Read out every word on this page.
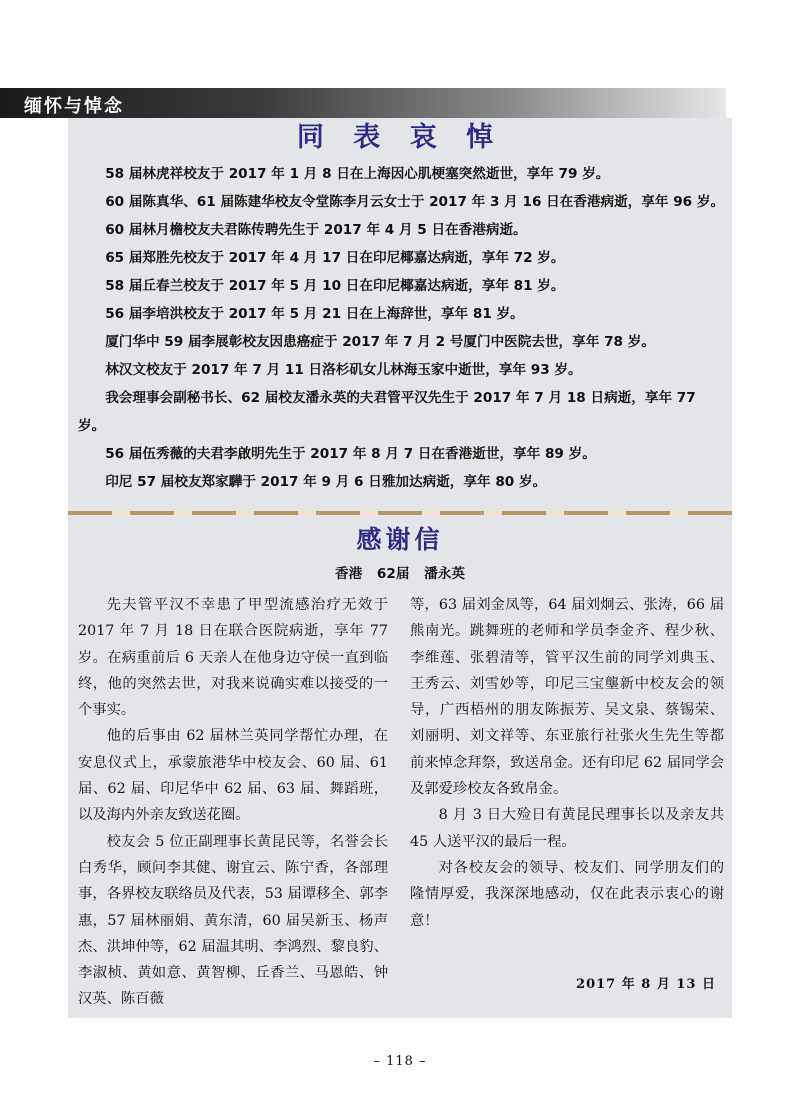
缅怀与悼念
同 表 哀 悼

58 届林虎祥校友于 2017 年 1 月 8 日在上海因心肌梗塞突然逝世，享年 79 岁。

60 届陈真华、61 届陈建华校友令堂陈李月云女士于 2017 年 3 月 16 日在香港病逝，享年 96 岁。

60 届林月檐校友夫君陈传聘先生于 2017 年 4 月 5 日在香港病逝。

65 届郑胜先校友于 2017 年 4 月 17 日在印尼椰嘉达病逝，享年 72 岁。

58 届丘春兰校友于 2017 年 5 月 10 日在印尼椰嘉达病逝，享年 81 岁。

56 届李培洪校友于 2017 年 5 月 21 日在上海辞世，享年 81 岁。

厦门华中 59 届李展彰校友因患癌症于 2017 年 7 月 2 号厦门中医院去世，享年 78 岁。

林汉文校友于 2017 年 7 月 11 日洛杉矶女儿林海玉家中逝世，享年 93 岁。

我会理事会副秘书长、62 届校友潘永英的夫君管平汉先生于 2017 年 7 月 18 日病逝，享年 77 岁。

56 届伍秀薇的夫君李啟明先生于 2017 年 8 月 7 日在香港逝世，享年 89 岁。

印尼 57 届校友郑家驊于 2017 年 9 月 6 日雅加达病逝，享年 80 岁。

感谢信
香港 62届 潘永英

先夫管平汉不幸患了甲型流感治疗无效于 2017 年 7 月 18 日在联合医院病逝，享年 77 岁。在病重前后 6 天亲人在他身边守侯一直到临终，他的突然去世，对我来说确实难以接受的一个事实。

他的后事由 62 届林兰英同学帮忙办理，在安息仪式上，承蒙旅港华中校友会、60 届、61 届、62 届、印尼华中 62 届、63 届、舞蹈班，以及海内外亲友致送花圈。

校友会 5 位正副理事长黄昆民等，名誉会长白秀华，顾问李其健、谢宜云、陈宁香，各部理事，各界校友联络员及代表，53 届谭移全、郭李惠，57 届林丽娟、黄东清，60 届吴新玉、杨声杰、洪坤仲等，62 届温其明、李鸿烈、黎良豹、李淑桢、黄如意、黄智柳、丘香兰、马恩皓、钟汉英、陈百薇

等，63 届刘金凤等，64 届刘炯云、张涛，66 届熊南光。跳舞班的老师和学员李金齐、程少秋、李维莲、张碧清等，管平汉生前的同学刘典玉、王秀云、刘雪妙等，印尼三宝壟新中校友会的领导，广西梧州的朋友陈振芳、吴文泉、蔡锡荣、刘丽明、刘文祥等、东亚旅行社张火生先生等都前来悼念拜祭，致送帛金。还有印尼 62 届同学会及郭爱珍校友各致帛金。

8 月 3 日大殓日有黄昆民理事长以及亲友共 45 人送平汉的最后一程。

对各校友会的领导、校友们、同学朋友们的隆情厚爱，我深深地感动，仅在此表示衷心的谢意！

2017 年 8 月 13 日
– 118 –
